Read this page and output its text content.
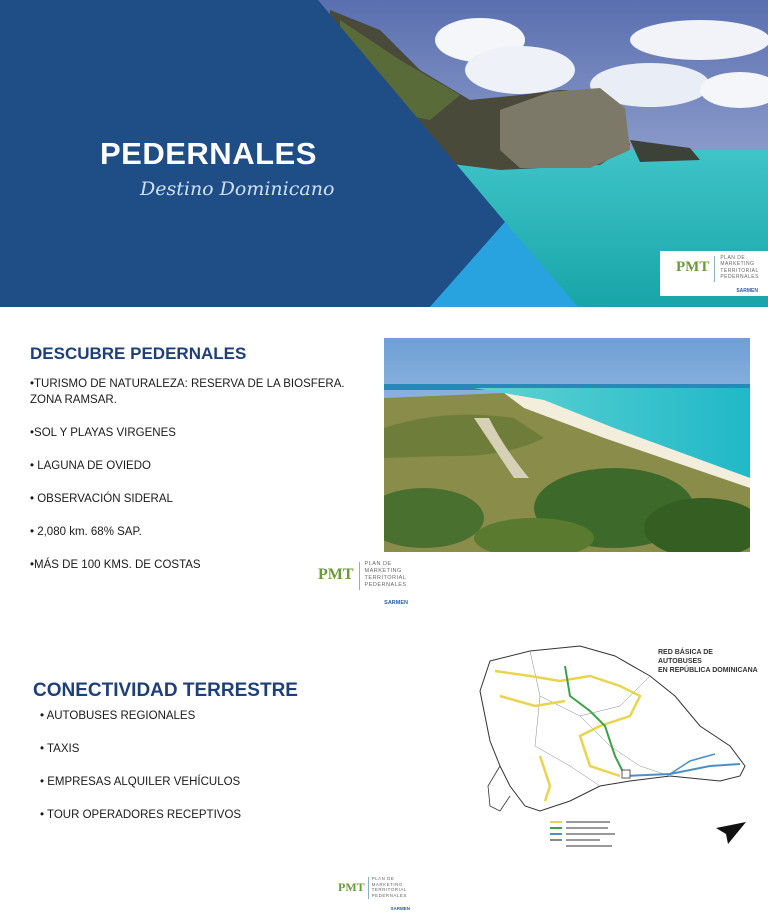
PEDERNALES
Destino Dominicano
PMT
PLAN DE
MARKETING
TERRITORIAL
PEDERNALES
SARMEN
DESCUBRE PEDERNALES
•TURISMO DE NATURALEZA: RESERVA DE LA BIOSFERA. ZONA RAMSAR.
•SOL Y PLAYAS VIRGENES
• LAGUNA DE OVIEDO
• OBSERVACIÓN SIDERAL
• 2,080 km. 68% SAP.
•MÁS DE 100 KMS. DE COSTAS
PMT
PLAN DE
MARKETING
TERRITORIAL
PEDERNALES
SARMEN
CONECTIVIDAD TERRESTRE
• AUTOBUSES REGIONALES
• TAXIS
• EMPRESAS ALQUILER VEHÍCULOS
• TOUR OPERADORES RECEPTIVOS
RED BÁSICA DE AUTOBUSES
EN REPÚBLICA DOMINICANA
PMT
PLAN DE
MARKETING
TERRITORIAL
PEDERNALES
SARMEN
